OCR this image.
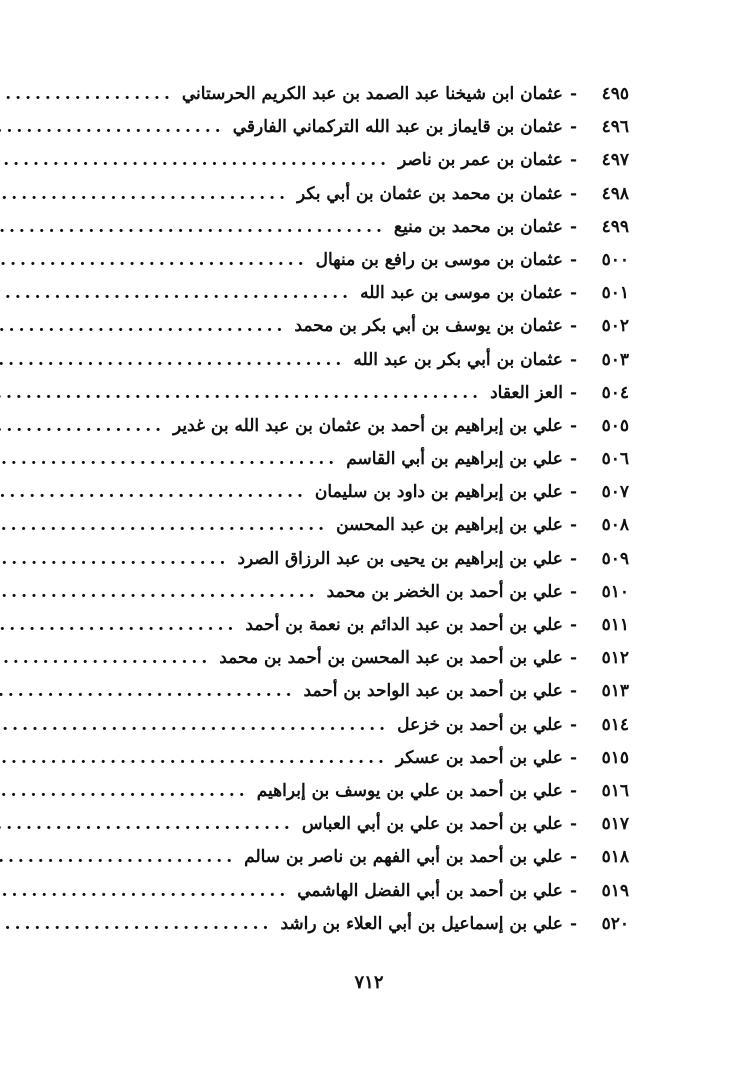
٤٩٥
-
عثمان ابن شيخنا عبد الصمد بن عبد الكريم الحرستاني
.....
٤٩٦
-
عثمان بن قايماز بن عبد الله التركماني الفارقي
.....
٤٩٧
-
عثمان بن عمر بن ناصر
.....
٤٩٨
-
عثمان بن محمد بن عثمان بن أبي بكر
.....
٤٩٩
-
عثمان بن محمد بن منيع
.....
٥٠٠
-
عثمان بن موسى بن رافع بن منهال
.....
٥٠١
-
عثمان بن موسى بن عبد الله
.....
٥٠٢
-
عثمان بن يوسف بن أبي بكر بن محمد
.....
٥٠٣
-
عثمان بن أبي بكر بن عبد الله
.....
٥٠٤
-
العز العقاد
.....
٥٠٥
-
علي بن إبراهيم بن أحمد بن عثمان بن عبد الله بن غدير
.....
٥٠٦
-
علي بن إبراهيم بن أبي القاسم
.....
٥٠٧
-
علي بن إبراهيم بن داود بن سليمان
.....
٥٠٨
-
علي بن إبراهيم بن عبد المحسن
.....
٥٠٩
-
علي بن إبراهيم بن يحيى بن عبد الرزاق الصرد
.....
٥١٠
-
علي بن أحمد بن الخضر بن محمد
.....
٥١١
-
علي بن أحمد بن عبد الدائم بن نعمة بن أحمد
.....
٥١٢
-
علي بن أحمد بن عبد المحسن بن أحمد بن محمد
.....
٥١٣
-
علي بن أحمد بن عبد الواحد بن أحمد
.....
٥١٤
-
علي بن أحمد بن خزعل
.....
٥١٥
-
علي بن أحمد بن عسكر
.....
٥١٦
-
علي بن أحمد بن علي بن يوسف بن إبراهيم
.....
٥١٧
-
علي بن أحمد بن علي بن أبي العباس
.....
٥١٨
-
علي بن أحمد بن أبي الفهم بن ناصر بن سالم
.....
٥١٩
-
علي بن أحمد بن أبي الفضل الهاشمي
.....
٥٢٠
-
علي بن إسماعيل بن أبي العلاء بن راشد
.....
٧١٢
